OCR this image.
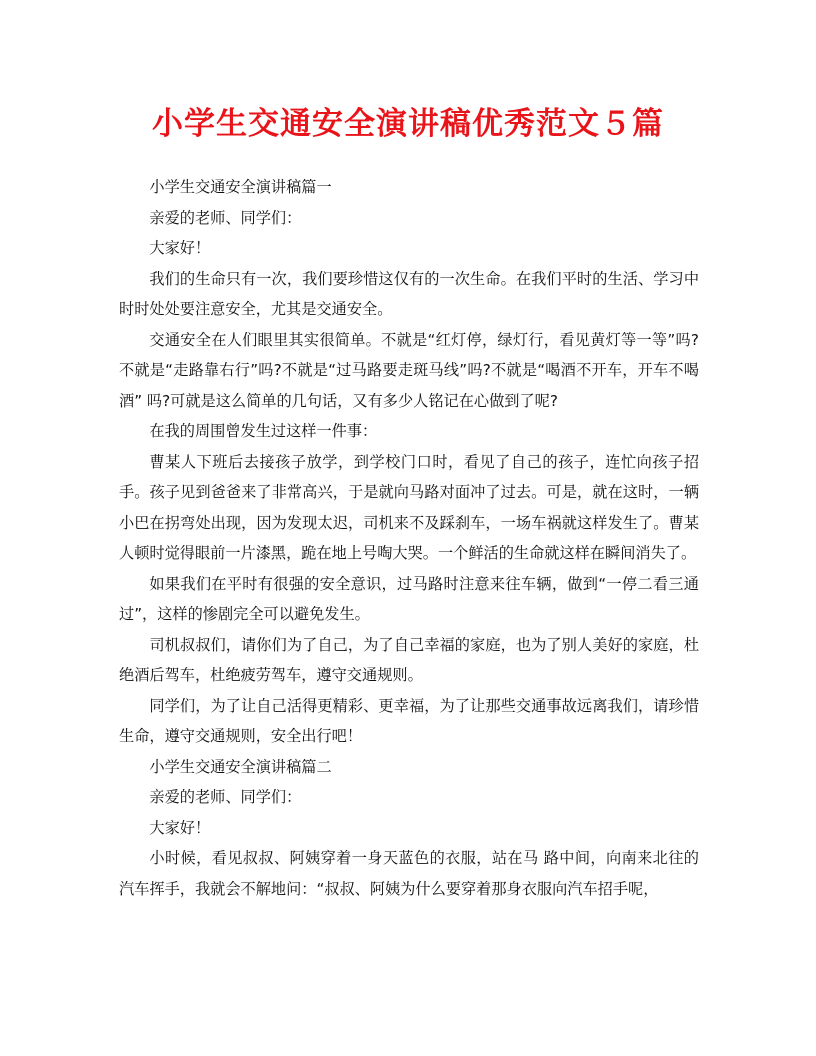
小学生交通安全演讲稿优秀范文５篇

小学生交通安全演讲稿篇一

亲爱的老师、同学们：

大家好！

我们的生命只有一次，我们要珍惜这仅有的一次生命。在我们平时的生活、学习中时时处处要注意安全，尤其是交通安全。

交通安全在人们眼里其实很简单。不就是“红灯停，绿灯行，看见黄灯等一等”吗?不就是“走路靠右行”吗?不就是“过马路要走斑马线”吗?不就是“喝酒不开车，开车不喝酒” 吗?可就是这么简单的几句话，又有多少人铭记在心做到了呢?

在我的周围曾发生过这样一件事：

曹某人下班后去接孩子放学，到学校门口时，看见了自己的孩子，连忙向孩子招手。孩子见到爸爸来了非常高兴，于是就向马路对面冲了过去。可是，就在这时，一辆小巴在拐弯处出现，因为发现太迟，司机来不及踩刹车，一场车祸就这样发生了。曹某人顿时觉得眼前一片漆黑，跪在地上号啕大哭。一个鲜活的生命就这样在瞬间消失了。

如果我们在平时有很强的安全意识，过马路时注意来往车辆，做到“一停二看三通过”，这样的惨剧完全可以避免发生。

司机叔叔们，请你们为了自己，为了自己幸福的家庭，也为了别人美好的家庭，杜绝酒后驾车，杜绝疲劳驾车，遵守交通规则。

同学们，为了让自己活得更精彩、更幸福，为了让那些交通事故远离我们，请珍惜生命，遵守交通规则，安全出行吧！

小学生交通安全演讲稿篇二

亲爱的老师、同学们：

大家好！

小时候，看见叔叔、阿姨穿着一身天蓝色的衣服，站在马 路中间，向南来北往的汽车挥手，我就会不解地问：“叔叔、阿姨为什么要穿着那身衣服向汽车招手呢，
